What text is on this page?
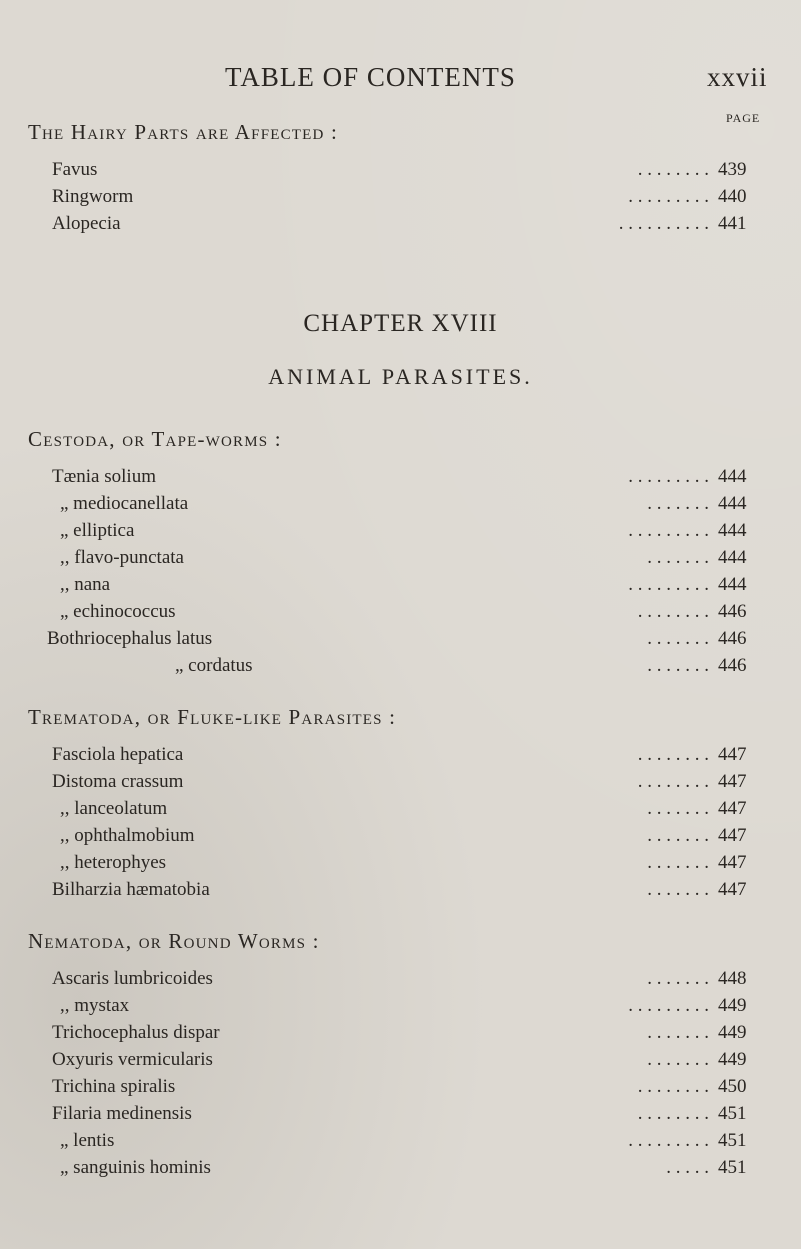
TABLE OF CONTENTS	xxvii
PAGE
The Hairy Parts are Affected :
Favus	. . . . . . . . 439
Ringworm	. . . . . . . . . 440
Alopecia	. . . . . . . . . . 441
CHAPTER XVIII
ANIMAL PARASITES.
Cestoda, or Tape-worms :
Tænia solium	. . . . . . . . . 444
„ mediocanellata	. . . . . . . 444
„ elliptica	. . . . . . . . . 444
,, flavo-punctata	. . . . . . . 444
,, nana	. . . . . . . . . 444
„ echinococcus	. . . . . . . . 446
Bothriocephalus latus	. . . . . . . 446
„ cordatus	. . . . . . . 446
Trematoda, or Fluke-like Parasites :
Fasciola hepatica	. . . . . . . . 447
Distoma crassum	. . . . . . . . 447
,, lanceolatum	. . . . . . . 447
,, ophthalmobium	. . . . . . . 447
,, heterophyes	. . . . . . . 447
Bilharzia hæmatobia	. . . . . . . 447
Nematoda, or Round Worms :
Ascaris lumbricoides	. . . . . . . 448
,, mystax	. . . . . . . . . 449
Trichocephalus dispar	. . . . . . . 449
Oxyuris vermicularis	. . . . . . . 449
Trichina spiralis	. . . . . . . . 450
Filaria medinensis	. . . . . . . . 451
„ lentis	. . . . . . . . . 451
„ sanguinis hominis	. . . . . 451
